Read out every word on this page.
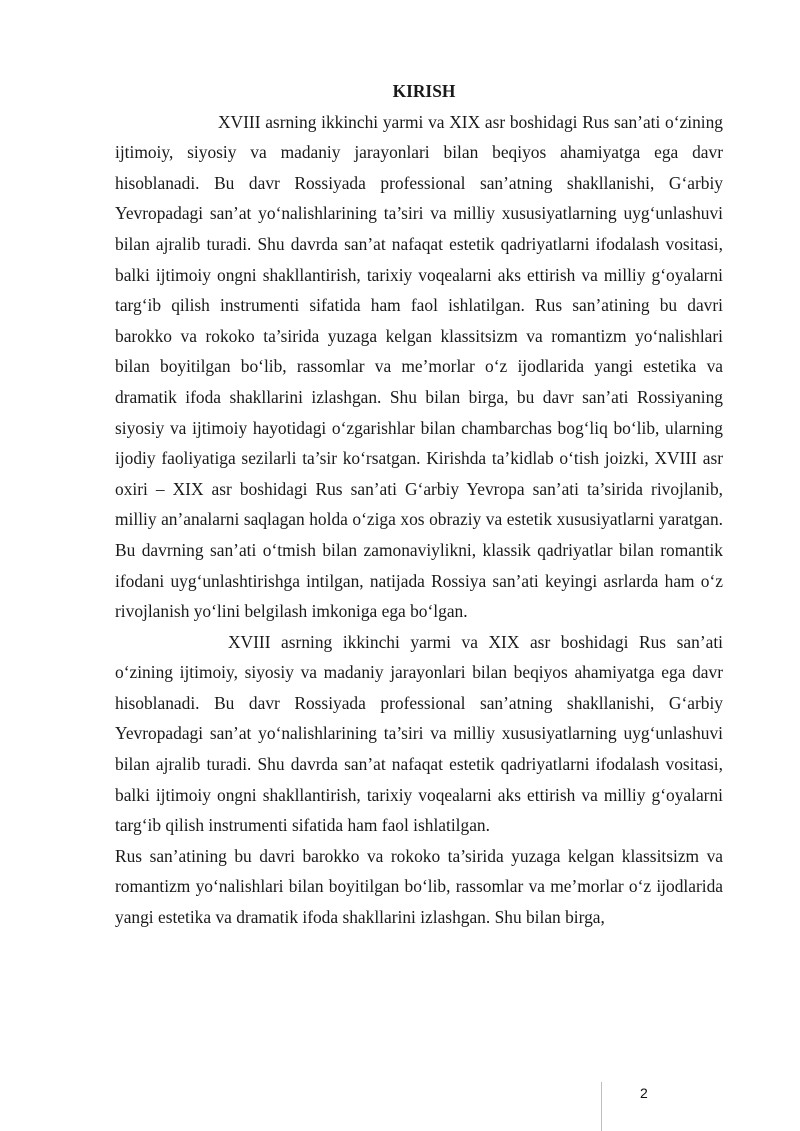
KIRISH

XVIII asrning ikkinchi yarmi va XIX asr boshidagi Rus san’ati o‘zining ijtimoiy, siyosiy va madaniy jarayonlari bilan beqiyos ahamiyatga ega davr hisoblanadi. Bu davr Rossiyada professional san’atning shakllanishi, G‘arbiy Yevropadagi san’at yo‘nalishlarining ta’siri va milliy xususiyatlarning uyg‘unlashuvi bilan ajralib turadi. Shu davrda san’at nafaqat estetik qadriyatlarni ifodalash vositasi, balki ijtimoiy ongni shakllantirish, tarixiy voqealarni aks ettirish va milliy g‘oyalarni targ‘ib qilish instrumenti sifatida ham faol ishlatilgan. Rus san’atining bu davri barokko va rokoko ta’sirida yuzaga kelgan klassitsizm va romantizm yo‘nalishlari bilan boyitilgan bo‘lib, rassomlar va me’morlar o‘z ijodlarida yangi estetika va dramatik ifoda shakllarini izlashgan. Shu bilan birga, bu davr san’ati Rossiyaning siyosiy va ijtimoiy hayotidagi o‘zgarishlar bilan chambarchas bog‘liq bo‘lib, ularning ijodiy faoliyatiga sezilarli ta’sir ko‘rsatgan. Kirishda ta’kidlab o‘tish joizki, XVIII asr oxiri – XIX asr boshidagi Rus san’ati G‘arbiy Yevropa san’ati ta’sirida rivojlanib, milliy an’analarni saqlagan holda o‘ziga xos obraziy va estetik xususiyatlarni yaratgan. Bu davrning san’ati o‘tmish bilan zamonaviylikni, klassik qadriyatlar bilan romantik ifodani uyg‘unlashtirishga intilgan, natijada Rossiya san’ati keyingi asrlarda ham o‘z rivojlanish yo‘lini belgilash imkoniga ega bo‘lgan.

XVIII asrning ikkinchi yarmi va XIX asr boshidagi Rus san’ati o‘zining ijtimoiy, siyosiy va madaniy jarayonlari bilan beqiyos ahamiyatga ega davr hisoblanadi. Bu davr Rossiyada professional san’atning shakllanishi, G‘arbiy Yevropadagi san’at yo‘nalishlarining ta’siri va milliy xususiyatlarning uyg‘unlashuvi bilan ajralib turadi. Shu davrda san’at nafaqat estetik qadriyatlarni ifodalash vositasi, balki ijtimoiy ongni shakllantirish, tarixiy voqealarni aks ettirish va milliy g‘oyalarni targ‘ib qilish instrumenti sifatida ham faol ishlatilgan.

Rus san’atining bu davri barokko va rokoko ta’sirida yuzaga kelgan klassitsizm va romantizm yo‘nalishlari bilan boyitilgan bo‘lib, rassomlar va me’morlar o‘z ijodlarida yangi estetika va dramatik ifoda shakllarini izlashgan. Shu bilan birga,

2
